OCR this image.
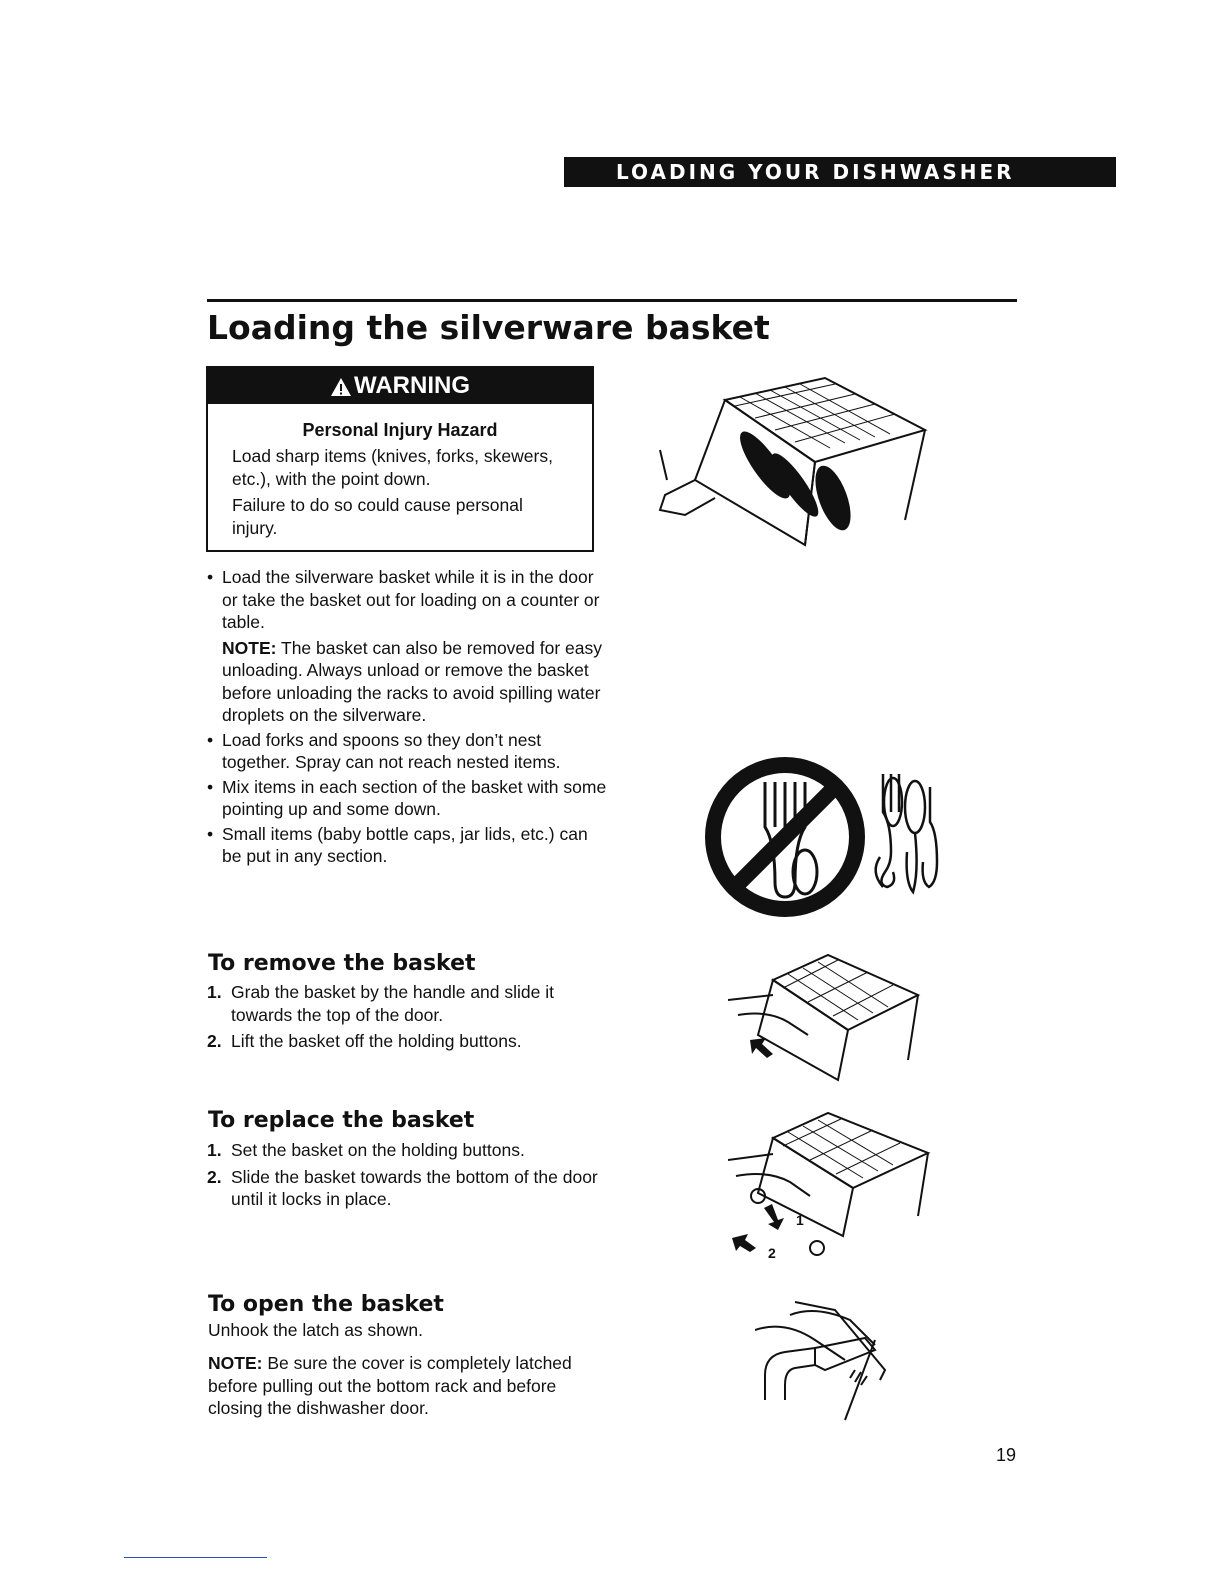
LOADING YOUR DISHWASHER
Loading the silverware basket
WARNING
Personal Injury Hazard

Load sharp items (knives, forks, skewers, etc.), with the point down.

Failure to do so could cause personal injury.

• Load the silverware basket while it is in the door or take the basket out for loading on a counter or table.

NOTE: The basket can also be removed for easy unloading. Always unload or remove the basket before unloading the racks to avoid spilling water droplets on the silverware.

• Load forks and spoons so they don’t nest together. Spray can not reach nested items.
• Mix items in each section of the basket with some pointing up and some down.
• Small items (baby bottle caps, jar lids, etc.) can be put in any section.
To remove the basket
1. Grab the basket by the handle and slide it towards the top of the door.
2. Lift the basket off the holding buttons.
To replace the basket
1. Set the basket on the holding buttons.
2. Slide the basket towards the bottom of the door until it locks in place.
1
2
To open the basket

Unhook the latch as shown.

NOTE: Be sure the cover is completely latched before pulling out the bottom rack and before closing the dishwasher door.

19
